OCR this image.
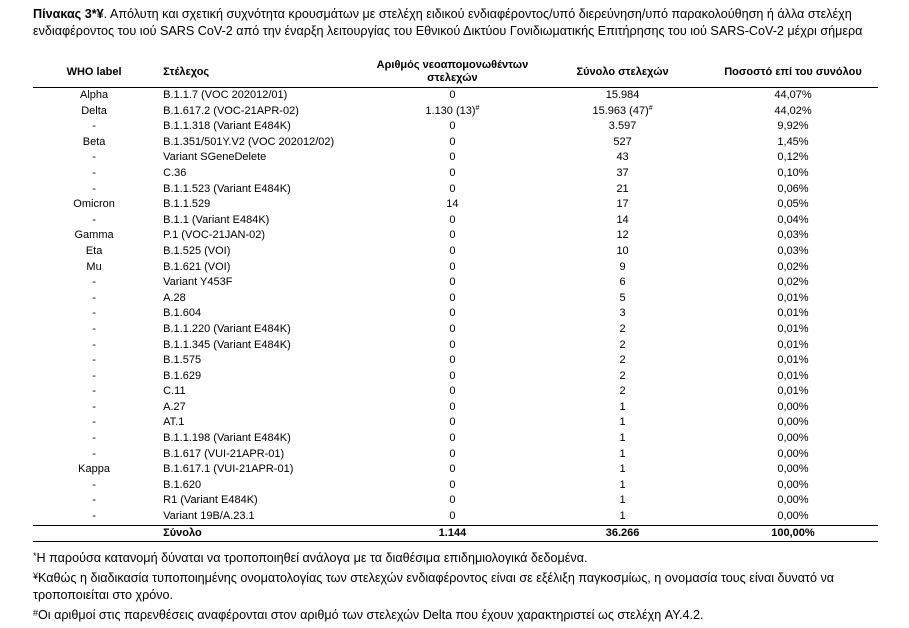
Πίνακας 3*¥. Απόλυτη και σχετική συχνότητα κρουσμάτων με στελέχη ειδικού ενδιαφέροντος/υπό διερεύνηση/υπό παρακολούθηση ή άλλα στελέχη ενδιαφέροντος του ιού SARS CoV-2 από την έναρξη λειτουργίας του Εθνικού Δικτύου Γονιδιωματικής Επιτήρησης του ιού SARS-CoV-2 μέχρι σήμερα
WHO label	Στέλεχος	Αριθμός νεοαπομονωθέντων στελεχών	Σύνολο στελεχών	Ποσοστό επί του συνόλου
Alpha	B.1.1.7 (VOC 202012/01)	0	15.984	44,07%
Delta	B.1.617.2 (VOC-21APR-02)	1.130 (13)#	15.963 (47)#	44,02%
-	B.1.1.318 (Variant E484K)	0	3.597	9,92%
Beta	B.1.351/501Y.V2 (VOC 202012/02)	0	527	1,45%
-	Variant SGeneDelete	0	43	0,12%
-	C.36	0	37	0,10%
-	B.1.1.523 (Variant E484K)	0	21	0,06%
Omicron	B.1.1.529	14	17	0,05%
-	B.1.1 (Variant E484K)	0	14	0,04%
Gamma	P.1 (VOC-21JAN-02)	0	12	0,03%
Eta	B.1.525 (VOI)	0	10	0,03%
Mu	B.1.621 (VOI)	0	9	0,02%
-	Variant Y453F	0	6	0,02%
-	A.28	0	5	0,01%
-	B.1.604	0	3	0,01%
-	B.1.1.220 (Variant E484K)	0	2	0,01%
-	B.1.1.345 (Variant E484K)	0	2	0,01%
-	B.1.575	0	2	0,01%
-	B.1.629	0	2	0,01%
-	C.11	0	2	0,01%
-	A.27	0	1	0,00%
-	AT.1	0	1	0,00%
-	B.1.1.198 (Variant E484K)	0	1	0,00%
-	B.1.617 (VUI-21APR-01)	0	1	0,00%
Kappa	B.1.617.1 (VUI-21APR-01)	0	1	0,00%
-	B.1.620	0	1	0,00%
-	R1 (Variant E484K)	0	1	0,00%
-	Variant 19B/A.23.1	0	1	0,00%
	Σύνολο	1.144	36.266	100,00%

*Η παρούσα κατανομή δύναται να τροποποιηθεί ανάλογα με τα διαθέσιμα επιδημιολογικά δεδομένα.

¥Καθώς η διαδικασία τυποποιημένης ονοματολογίας των στελεχών ενδιαφέροντος είναι σε εξέλιξη παγκοσμίως, η ονομασία τους είναι δυνατό να τροποποιείται στο χρόνο.

#Οι αριθμοί στις παρενθέσεις αναφέρονται στον αριθμό των στελεχών Delta που έχουν χαρακτηριστεί ως στελέχη AY.4.2.
